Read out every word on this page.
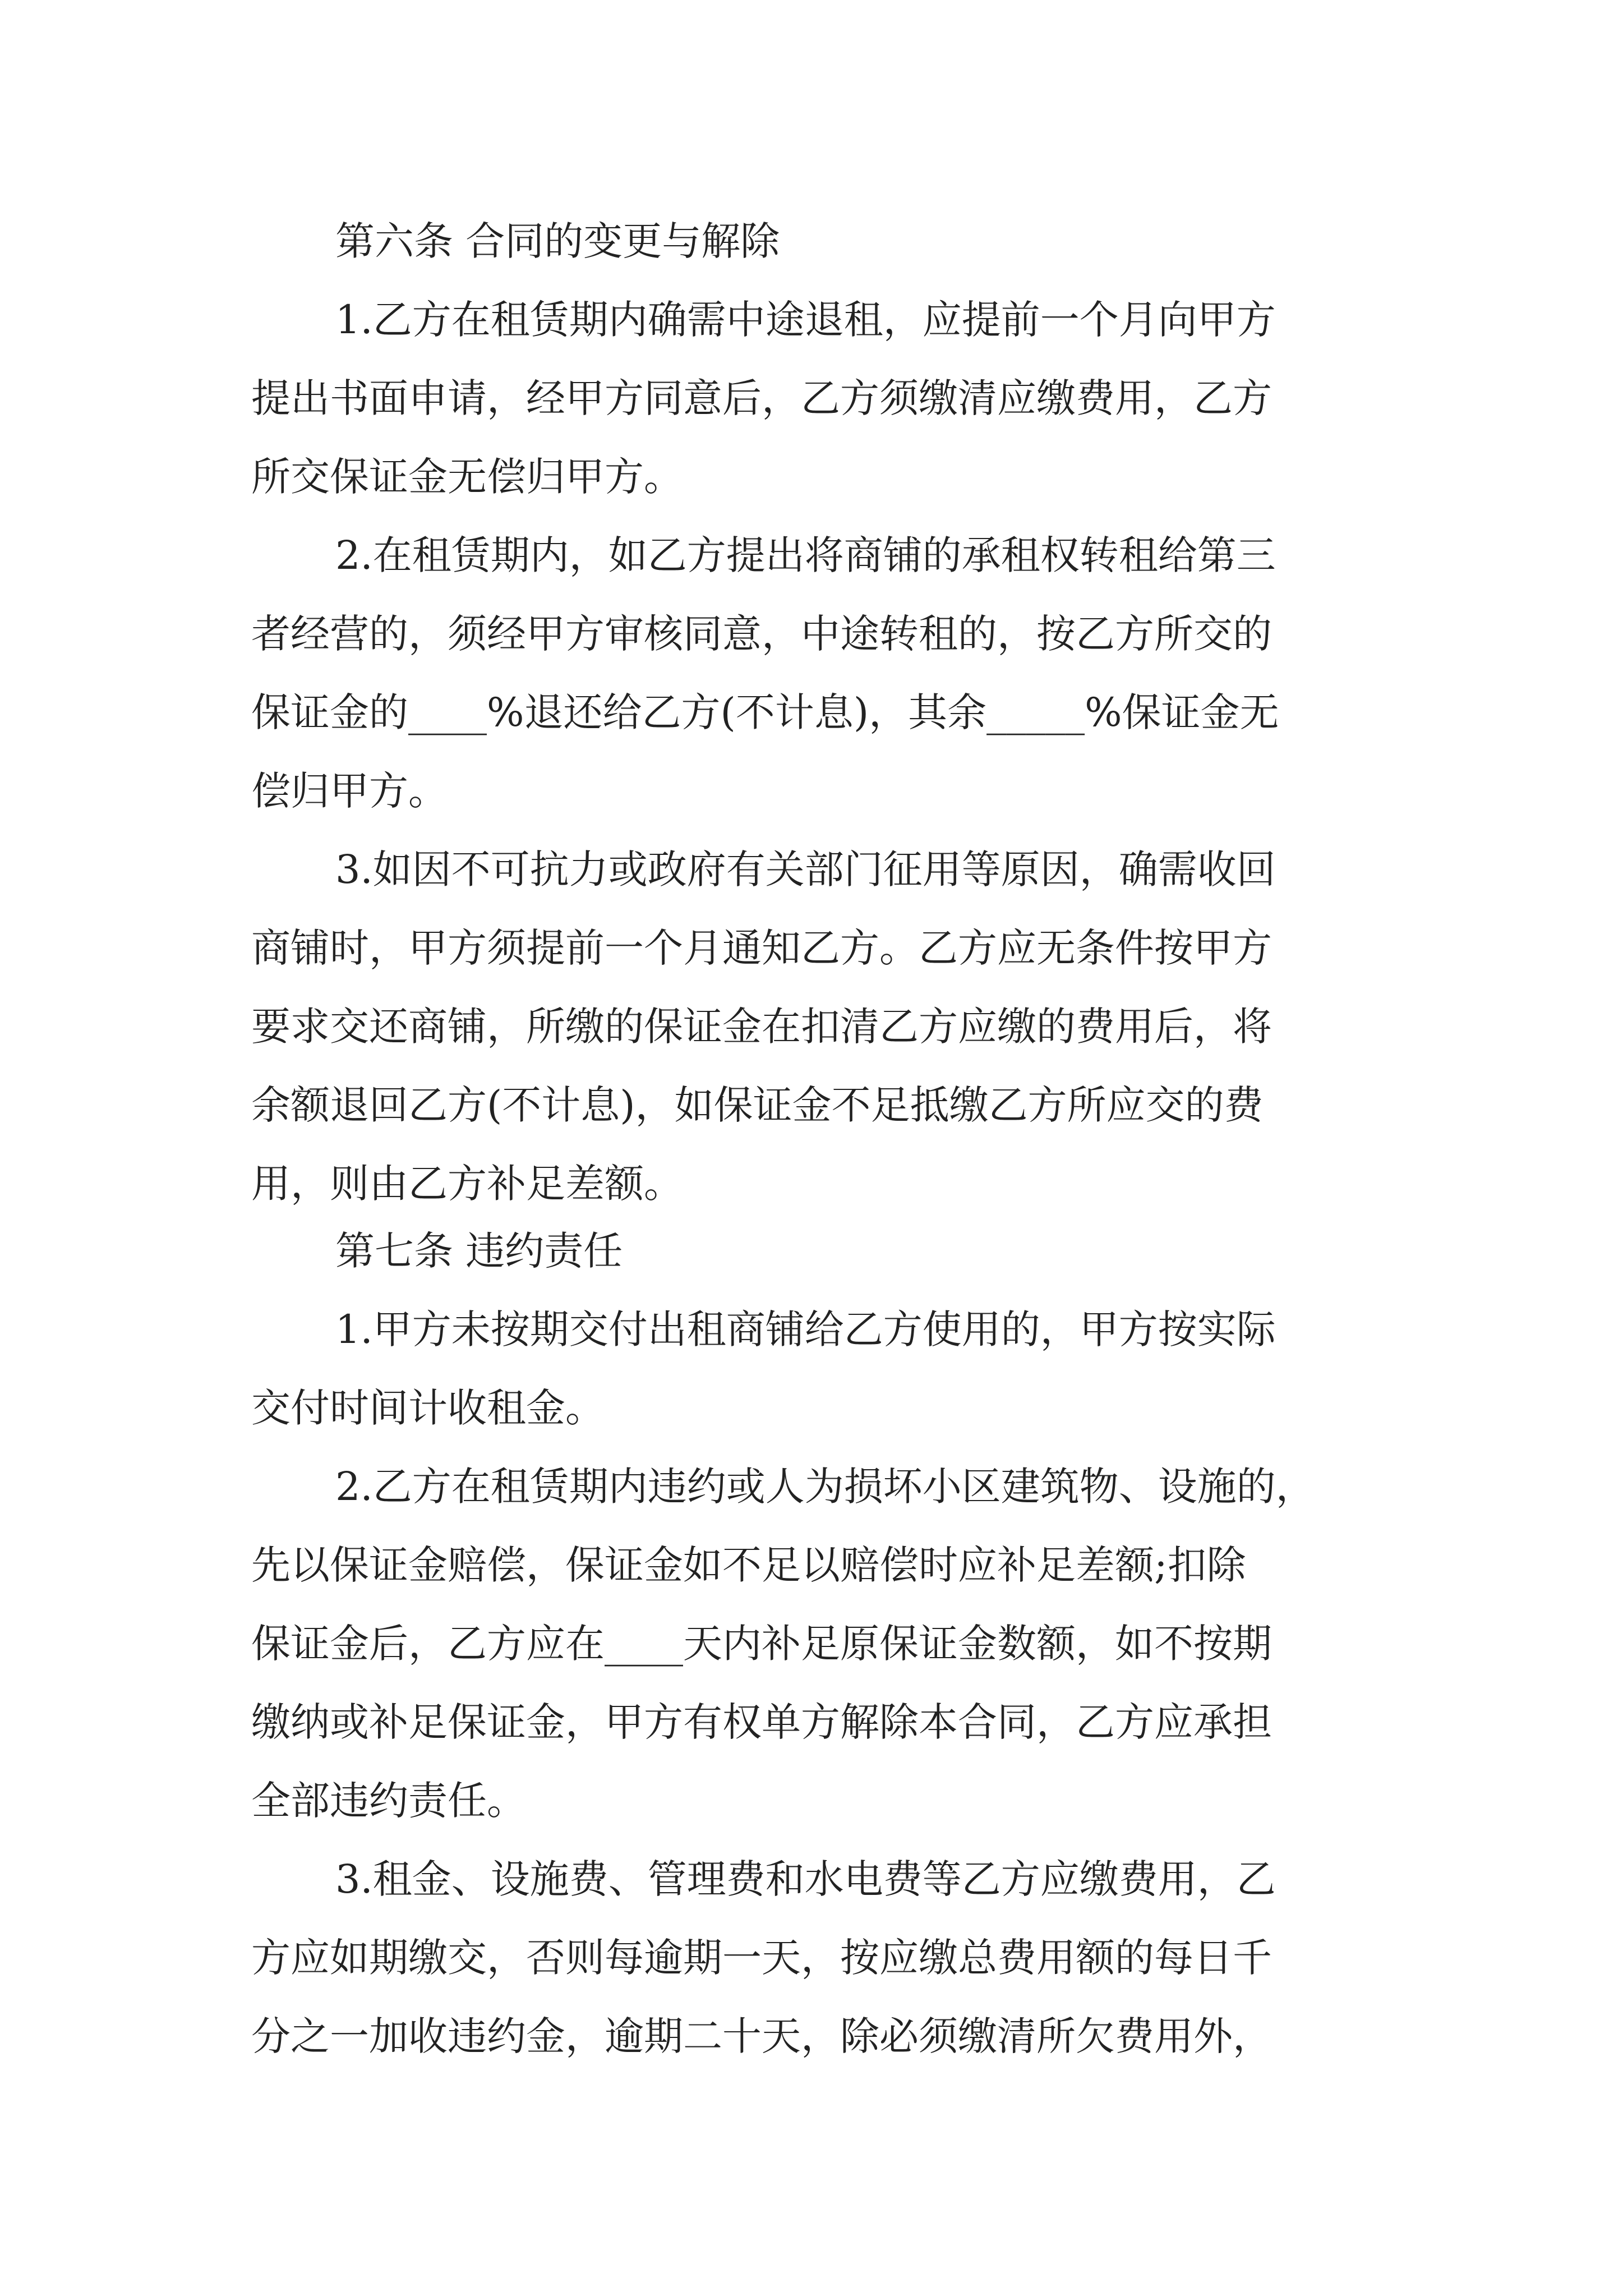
第六条 合同的变更与解除

1.乙方在租赁期内确需中途退租，应提前一个月向甲方

提出书面申请，经甲方同意后，乙方须缴清应缴费用，乙方

所交保证金无偿归甲方。

2.在租赁期内，如乙方提出将商铺的承租权转租给第三

者经营的，须经甲方审核同意，中途转租的，按乙方所交的

保证金的____%退还给乙方(不计息)，其余_____%保证金无

偿归甲方。

3.如因不可抗力或政府有关部门征用等原因，确需收回

商铺时，甲方须提前一个月通知乙方。乙方应无条件按甲方

要求交还商铺，所缴的保证金在扣清乙方应缴的费用后，将

余额退回乙方(不计息)，如保证金不足抵缴乙方所应交的费

用，则由乙方补足差额。

第七条 违约责任

1.甲方未按期交付出租商铺给乙方使用的，甲方按实际

交付时间计收租金。

2.乙方在租赁期内违约或人为损坏小区建筑物、设施的，

先以保证金赔偿，保证金如不足以赔偿时应补足差额;扣除

保证金后，乙方应在____天内补足原保证金数额，如不按期

缴纳或补足保证金，甲方有权单方解除本合同，乙方应承担

全部违约责任。

3.租金、设施费、管理费和水电费等乙方应缴费用，乙

方应如期缴交，否则每逾期一天，按应缴总费用额的每日千

分之一加收违约金，逾期二十天，除必须缴清所欠费用外，
